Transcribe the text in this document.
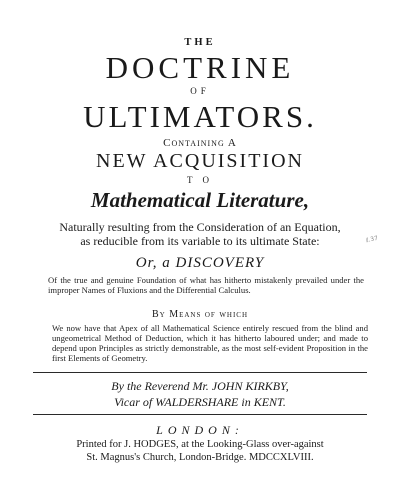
THE

DOCTRINE

OF

ULTIMATORS.

Containing A

NEW ACQUISITION

T O

Mathematical Literature,

Naturally resulting from the Consideration of an Equation,

as reducible from its variable to its ultimate State:	ℓ.37

Or, a DISCOVERY

Of the true and genuine Foundation of what has hitherto mistakenly prevailed under the improper Names of Fluxions and the Differential Calculus.

By Means of which

We now have that Apex of all Mathematical Science entirely rescued from the blind and ungeometrical Method of Deduction, which it has hitherto laboured under; and made to depend upon Principles as strictly demonstrable, as the most self-evident Proposition in the first Elements of Geometry.

By the Reverend Mr. JOHN KIRKBY,

Vicar of WALDERSHARE in KENT.

LONDON:

Printed for J. HODGES, at the Looking-Glass over-against

St. Magnus's Church, London-Bridge. MDCCXLVIII.
